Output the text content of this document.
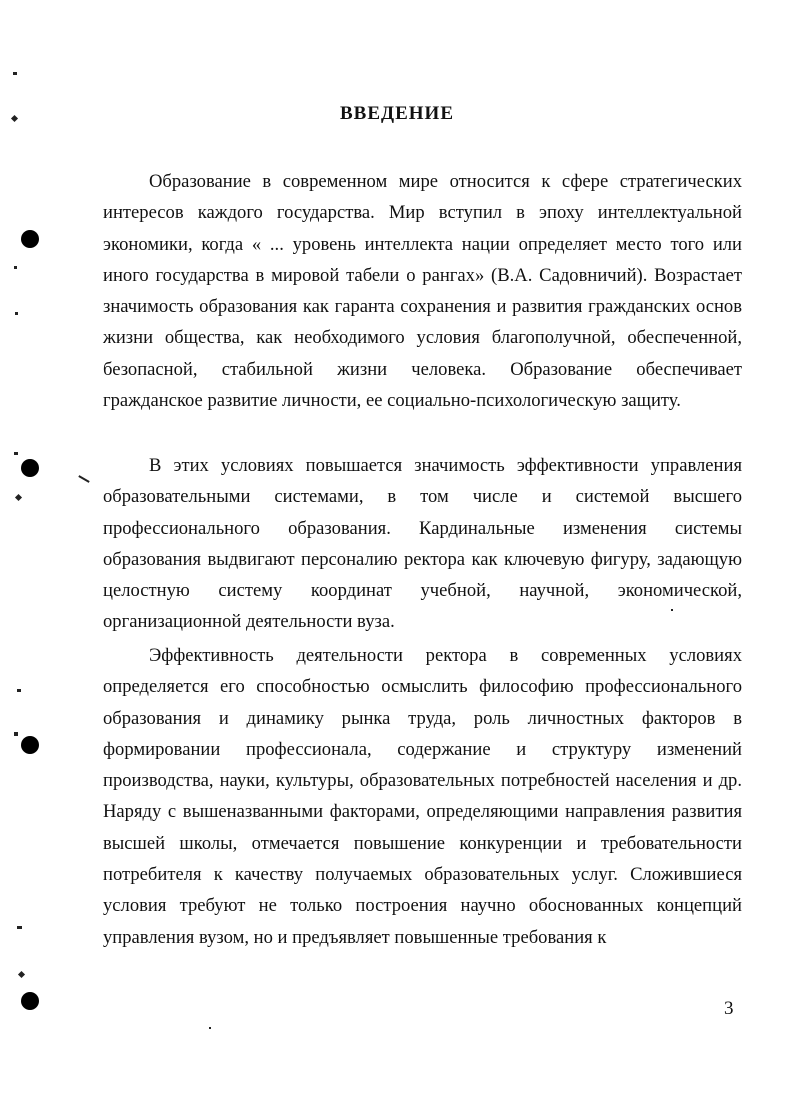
ВВЕДЕНИЕ

Образование в современном мире относится к сфере стратегических интересов каждого государства. Мир вступил в эпоху интеллектуальной экономики, когда « ... уровень интеллекта нации определяет место того или иного государства в мировой табели о рангах» (В.А. Садовничий). Возрастает значимость образования как гаранта сохранения и развития гражданских основ жизни общества, как необходимого условия благополучной, обеспеченной, безопасной, стабильной жизни человека. Образование обеспечивает гражданское развитие личности, ее социально-психологическую защиту.

В этих условиях повышается значимость эффективности управления образовательными системами, в том числе и системой высшего профессионального образования. Кардинальные изменения системы образования выдвигают персоналию ректора как ключевую фигуру, задающую целостную систему координат учебной, научной, экономической, организационной деятельности вуза.

Эффективность деятельности ректора в современных условиях определяется его способностью осмыслить философию профессионального образования и динамику рынка труда, роль личностных факторов в формировании профессионала, содержание и структуру изменений производства, науки, культуры, образовательных потребностей населения и др. Наряду с вышеназванными факторами, определяющими направления развития высшей школы, отмечается повышение конкуренции и требовательности потребителя к качеству получаемых образовательных услуг. Сложившиеся условия требуют не только построения научно обоснованных концепций управления вузом, но и предъявляет повышенные требования к

3
